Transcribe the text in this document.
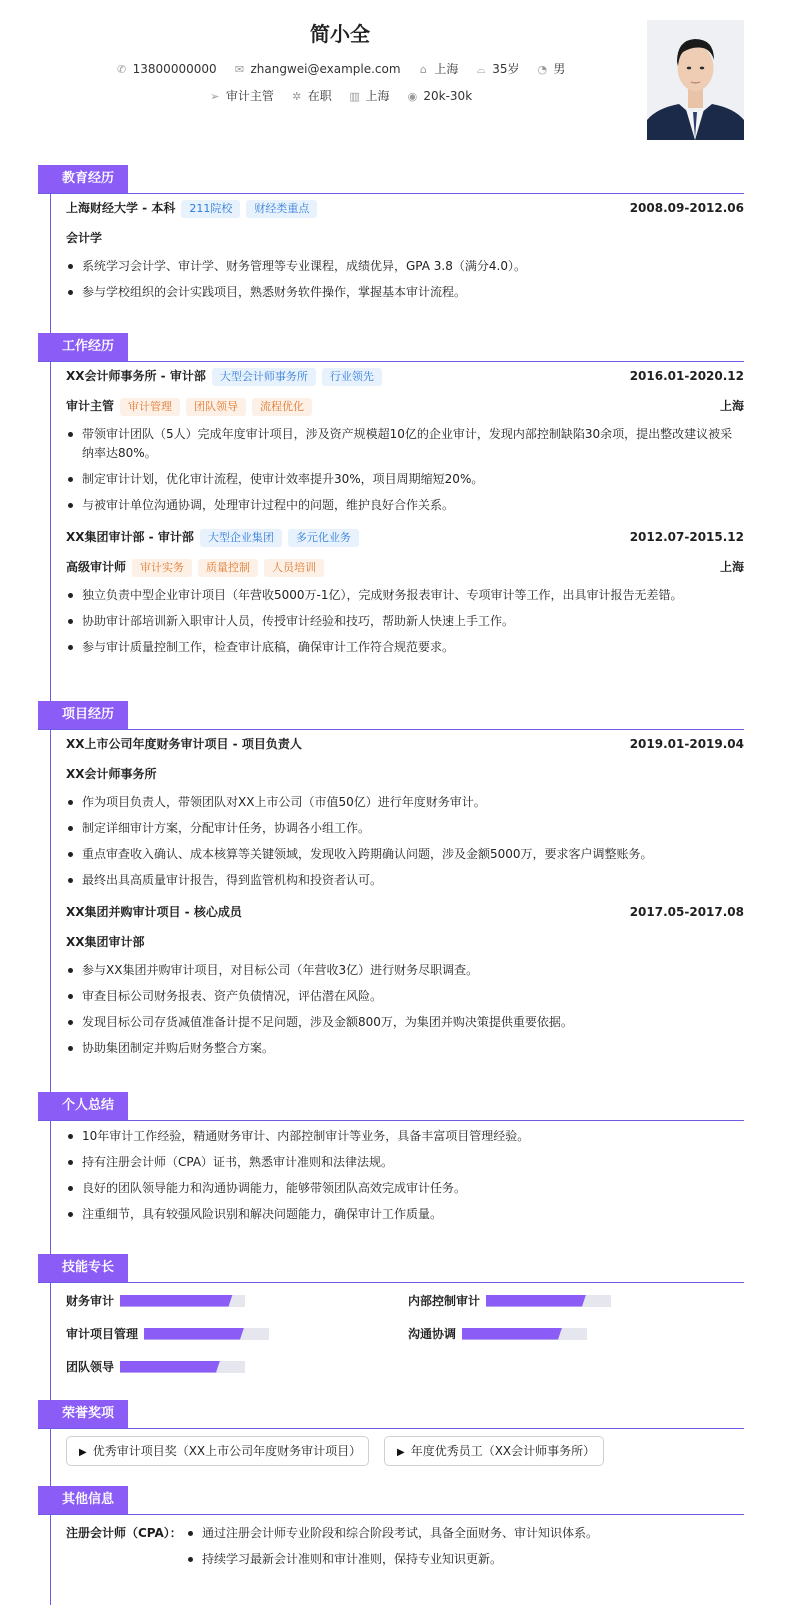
简小全
✆ 13800000000 ✉ zhangwei@example.com ⌂ 上海 ⌓ 35岁 ◔ 男
➢ 审计主管 ✲ 在职 ▥ 上海 ◉ 20k-30k
教育经历
上海财经大学 - 本科 211院校 财经类重点	2008.09-2012.06
会计学
系统学习会计学、审计学、财务管理等专业课程，成绩优异，GPA 3.8（满分4.0）。
参与学校组织的会计实践项目，熟悉财务软件操作，掌握基本审计流程。
工作经历
XX会计师事务所 - 审计部 大型会计师事务所 行业领先	2016.01-2020.12
审计主管 审计管理 团队领导 流程优化	上海
带领审计团队（5人）完成年度审计项目，涉及资产规模超10亿的企业审计，发现内部控制缺陷30余项，提出整改建议被采纳率达80%。
制定审计计划，优化审计流程，使审计效率提升30%，项目周期缩短20%。
与被审计单位沟通协调，处理审计过程中的问题，维护良好合作关系。
XX集团审计部 - 审计部 大型企业集团 多元化业务	2012.07-2015.12
高级审计师 审计实务 质量控制 人员培训	上海
独立负责中型企业审计项目（年营收5000万-1亿），完成财务报表审计、专项审计等工作，出具审计报告无差错。
协助审计部培训新入职审计人员，传授审计经验和技巧，帮助新人快速上手工作。
参与审计质量控制工作，检查审计底稿，确保审计工作符合规范要求。
项目经历
XX上市公司年度财务审计项目 - 项目负责人	2019.01-2019.04
XX会计师事务所
作为项目负责人，带领团队对XX上市公司（市值50亿）进行年度财务审计。
制定详细审计方案，分配审计任务，协调各小组工作。
重点审查收入确认、成本核算等关键领域，发现收入跨期确认问题，涉及金额5000万，要求客户调整账务。
最终出具高质量审计报告，得到监管机构和投资者认可。
XX集团并购审计项目 - 核心成员	2017.05-2017.08
XX集团审计部
参与XX集团并购审计项目，对目标公司（年营收3亿）进行财务尽职调查。
审查目标公司财务报表、资产负债情况，评估潜在风险。
发现目标公司存货减值准备计提不足问题，涉及金额800万，为集团并购决策提供重要依据。
协助集团制定并购后财务整合方案。
个人总结
10年审计工作经验，精通财务审计、内部控制审计等业务，具备丰富项目管理经验。
持有注册会计师（CPA）证书，熟悉审计准则和法律法规。
良好的团队领导能力和沟通协调能力，能够带领团队高效完成审计任务。
注重细节，具有较强风险识别和解决问题能力，确保审计工作质量。
技能专长
财务审计	内部控制审计
审计项目管理	沟通协调
团队领导
荣誉奖项
▶ 优秀审计项目奖（XX上市公司年度财务审计项目）	▶ 年度优秀员工（XX会计师事务所）
其他信息
注册会计师（CPA）：	通过注册会计师专业阶段和综合阶段考试，具备全面财务、审计知识体系。
持续学习最新会计准则和审计准则，保持专业知识更新。
